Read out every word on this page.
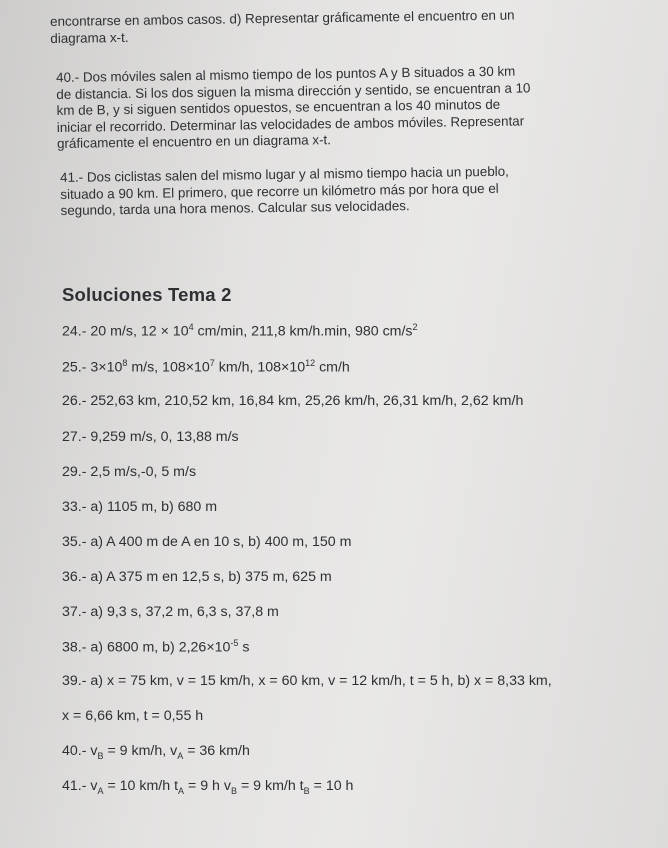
encontrarse en ambos casos. d) Representar gráficamente el encuentro en un
diagrama x-t.
40.- Dos móviles salen al mismo tiempo de los puntos A y B situados a 30 km
de distancia. Si los dos siguen la misma dirección y sentido, se encuentran a 10
km de B, y si siguen sentidos opuestos, se encuentran a los 40 minutos de
iniciar el recorrido. Determinar las velocidades de ambos móviles. Representar
gráficamente el encuentro en un diagrama x-t.
41.- Dos ciclistas salen del mismo lugar y al mismo tiempo hacia un pueblo,
situado a 90 km. El primero, que recorre un kilómetro más por hora que el
segundo, tarda una hora menos. Calcular sus velocidades.
Soluciones Tema 2
24.- 20 m/s, $12 \times 10^4$ cm/min, 211,8 km/h.min, 980 $cm/s^2$
25.- $3\times 10^8$ m/s, $108\times 10^7$ km/h, $108\times 10^{12}$ cm/h
26.- 252,63 km, 210,52 km, 16,84 km, 25,26 km/h, 26,31 km/h, 2,62 km/h
27.- 9,259 m/s, 0, 13,88 m/s
29.- 2,5 m/s,-0, 5 m/s
33.- a) 1105 m, b) 680 m
35.- a) A 400 m de A en 10 s, b) 400 m, 150 m
36.- a) A 375 m en 12,5 s, b) 375 m, 625 m
37.- a) 9,3 s, 37,2 m, 6,3 s, 37,8 m
38.- a) 6800 m, b) $2,26\times 10^{-5}$ s
39.- a) x = 75 km, v = 15 km/h, x = 60 km, v = 12 km/h, t = 5 h, b) x = 8,33 km,
x = 6,66 km, t = 0,55 h
40.- $v_B = 9$ km/h, $v_A = 36$ km/h
41.- $v_A = 10$ km/h $t_A = 9$ h $v_B = 9$ km/h $t_B = 10$ h
